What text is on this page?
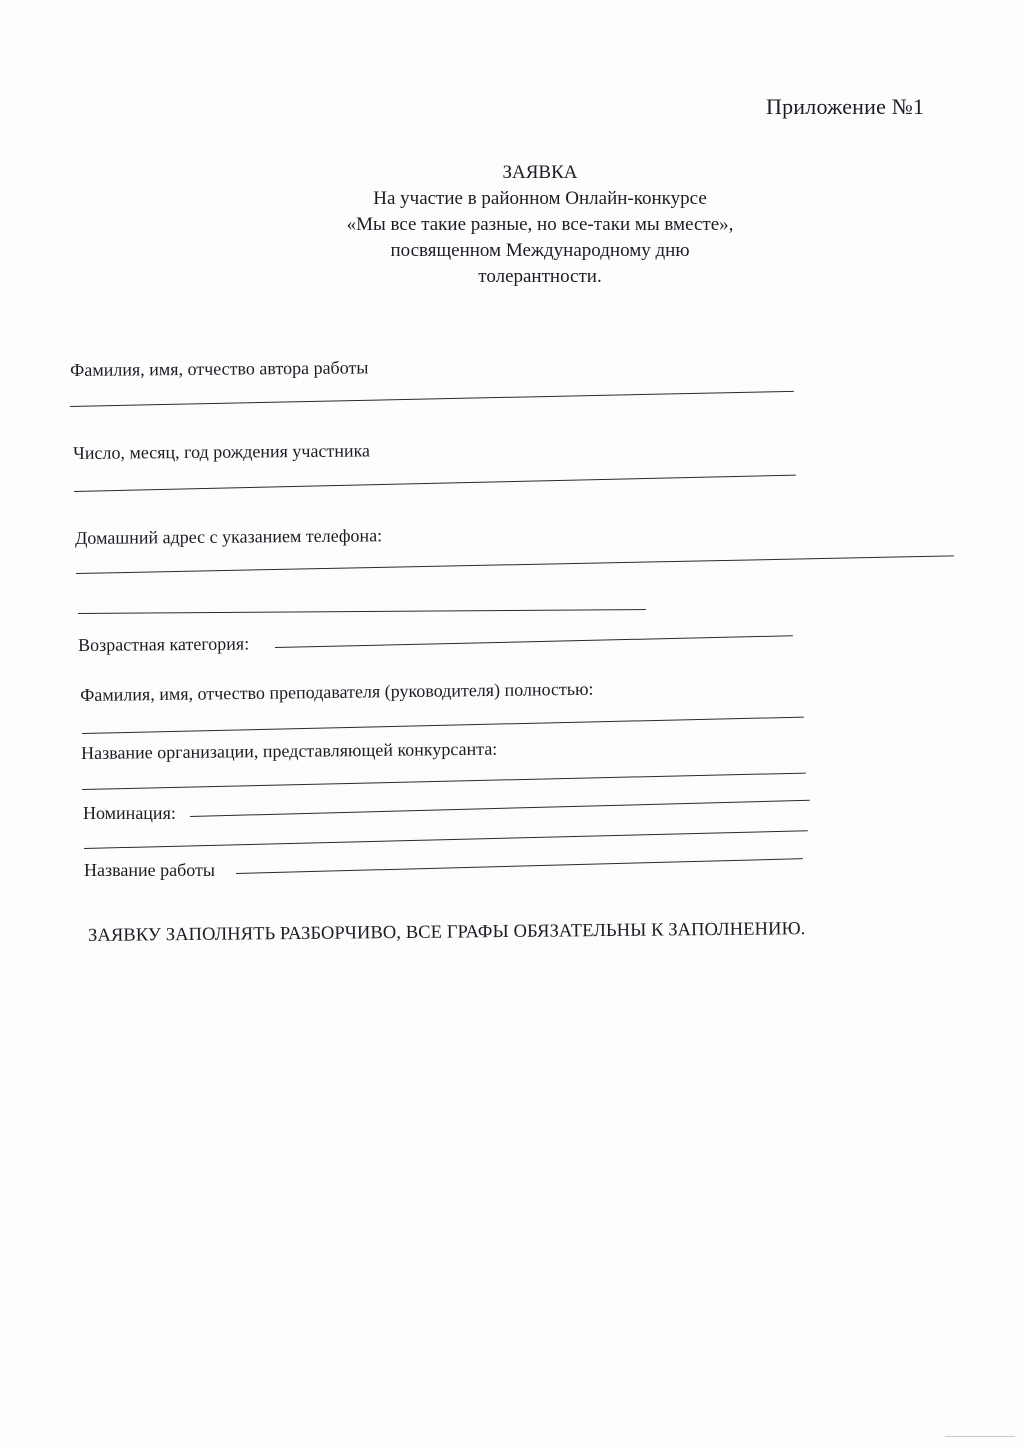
Приложение №1
ЗАЯВКА
На участие в районном Онлайн-конкурсе
«Мы все такие разные, но все-таки мы вместе»,
посвященном Международному дню
толерантности.
Фамилия, имя, отчество автора работы
Число, месяц, год рождения участника
Домашний адрес с указанием телефона:
Возрастная категория:
Фамилия, имя, отчество преподавателя (руководителя) полностью:
Название организации, представляющей конкурсанта:
Номинация:
Название работы
ЗАЯВКУ ЗАПОЛНЯТЬ РАЗБОРЧИВО, ВСЕ ГРАФЫ ОБЯЗАТЕЛЬНЫ К ЗАПОЛНЕНИЮ.
